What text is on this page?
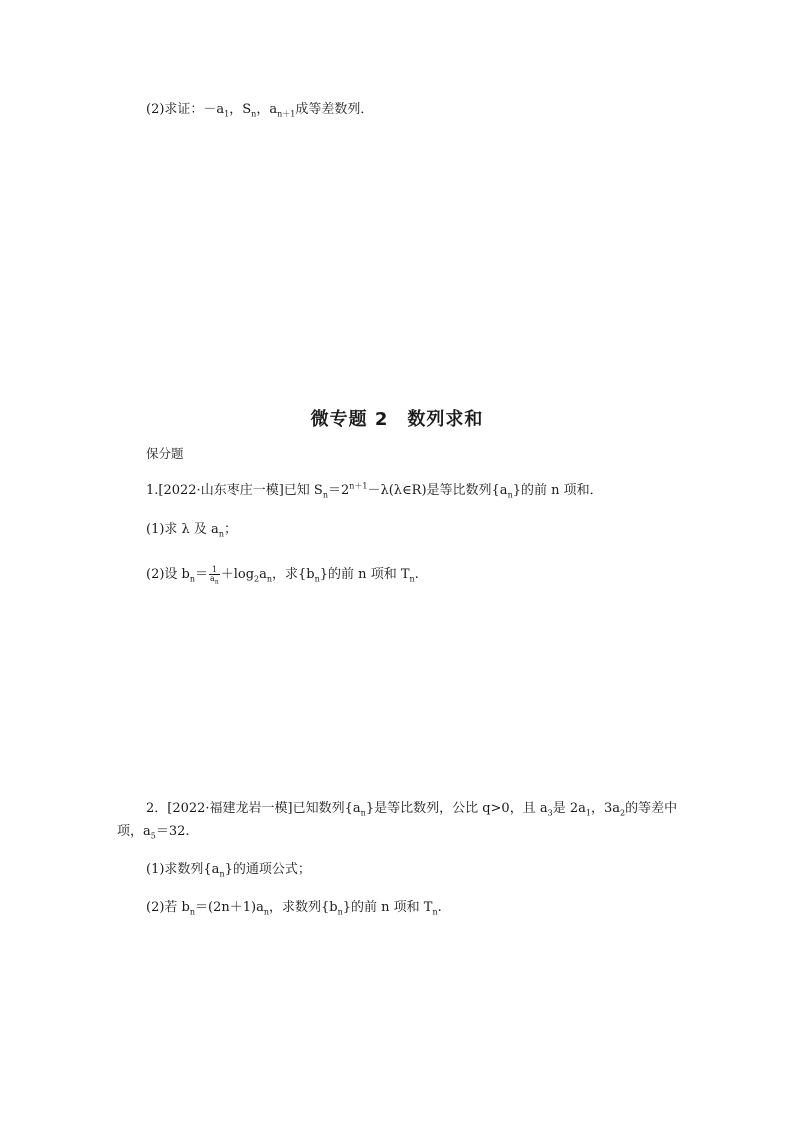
(2)求证：$-a_1$，$S_n$，$a_{n+1}$成等差数列．
微专题 2　数列求和
保分题
1.[2022·山东枣庄一模]已知 $S_n=2^{n+1}-\lambda(\lambda\in R)$是等比数列$\{a_n\}$的前 n 项和．
(1)求 λ 及 $a_n$；
(2)设 $b_n= \frac{1}{a_n} +\log_2a_n$，求$\{b_n\}$的前 n 项和 $T_n$.
2．[2022·福建龙岩一模]已知数列$\{a_n\}$是等比数列，公比 q>0，且 $a_3$是 $2a_1$，$3a_2$的等差中
项，$a_5=32$.
(1)求数列$\{a_n\}$的通项公式；
(2)若 $b_n=(2n+1)a_n$，求数列$\{b_n\}$的前 n 项和 $T_n$.
